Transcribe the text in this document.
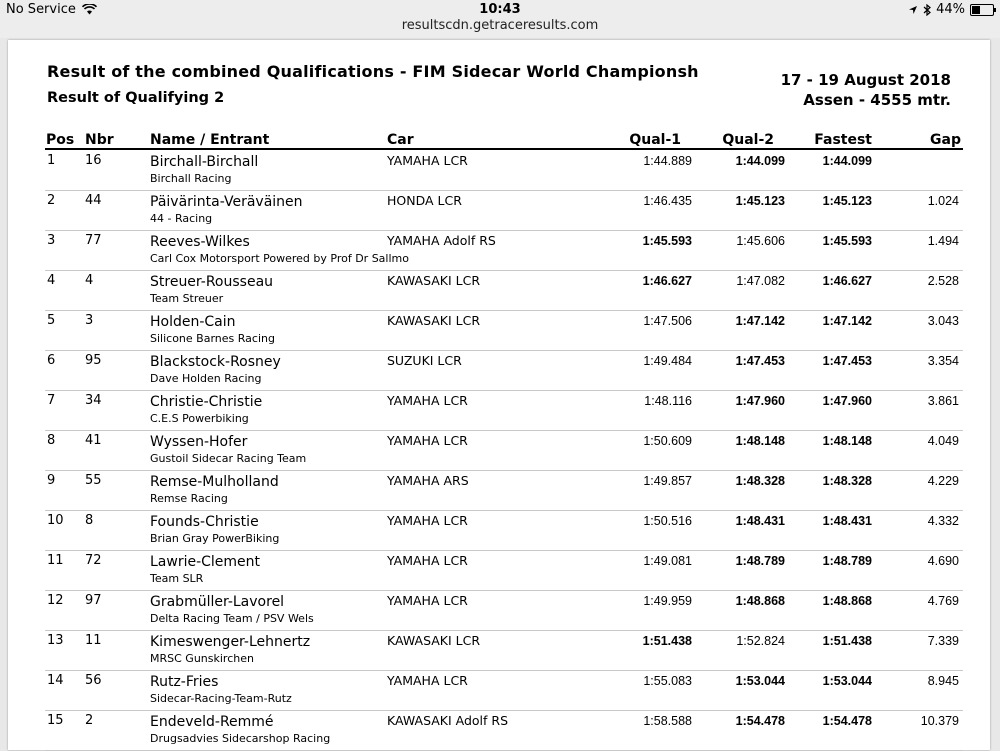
No Service	10:43	44%
resultscdn.getraceresults.com
Result of the combined Qualifications - FIM Sidecar World Championsh
Result of Qualifying 2
17 - 19 August 2018
Assen - 4555 mtr.
Pos Nbr	Name / Entrant	Car	Qual-1	Qual-2	Fastest	Gap
1 16	Birchall-Birchall
Birchall Racing
YAMAHA LCR	1:44.889	1:44.099	1:44.099
2 44	Päivärinta-Veräväinen
44 - Racing
HONDA LCR	1:46.435	1:45.123	1:45.123	1.024
3 77	Reeves-Wilkes
Carl Cox Motorsport Powered by Prof Dr Sallmo
YAMAHA Adolf RS	1:45.593	1:45.606	1:45.593	1.494
4 4	Streuer-Rousseau
Team Streuer
KAWASAKI LCR	1:46.627	1:47.082	1:46.627	2.528
5 3	Holden-Cain
Silicone Barnes Racing
KAWASAKI LCR	1:47.506	1:47.142	1:47.142	3.043
6 95	Blackstock-Rosney
Dave Holden Racing
SUZUKI LCR	1:49.484	1:47.453	1:47.453	3.354
7 34	Christie-Christie
C.E.S Powerbiking
YAMAHA LCR	1:48.116	1:47.960	1:47.960	3.861
8 41	Wyssen-Hofer
Gustoil Sidecar Racing Team
YAMAHA LCR	1:50.609	1:48.148	1:48.148	4.049
9 55	Remse-Mulholland
Remse Racing
YAMAHA ARS	1:49.857	1:48.328	1:48.328	4.229
10 8	Founds-Christie
Brian Gray PowerBiking
YAMAHA LCR	1:50.516	1:48.431	1:48.431	4.332
11 72	Lawrie-Clement
Team SLR
YAMAHA LCR	1:49.081	1:48.789	1:48.789	4.690
12 97	Grabmüller-Lavorel
Delta Racing Team / PSV Wels
YAMAHA LCR	1:49.959	1:48.868	1:48.868	4.769
13 11	Kimeswenger-Lehnertz
MRSC Gunskirchen
KAWASAKI LCR	1:51.438	1:52.824	1:51.438	7.339
14 56	Rutz-Fries
Sidecar-Racing-Team-Rutz
YAMAHA LCR	1:55.083	1:53.044	1:53.044	8.945
15 2	Endeveld-Remmé
Drugsadvies Sidecarshop Racing
KAWASAKI Adolf RS	1:58.588	1:54.478	1:54.478	10.379
